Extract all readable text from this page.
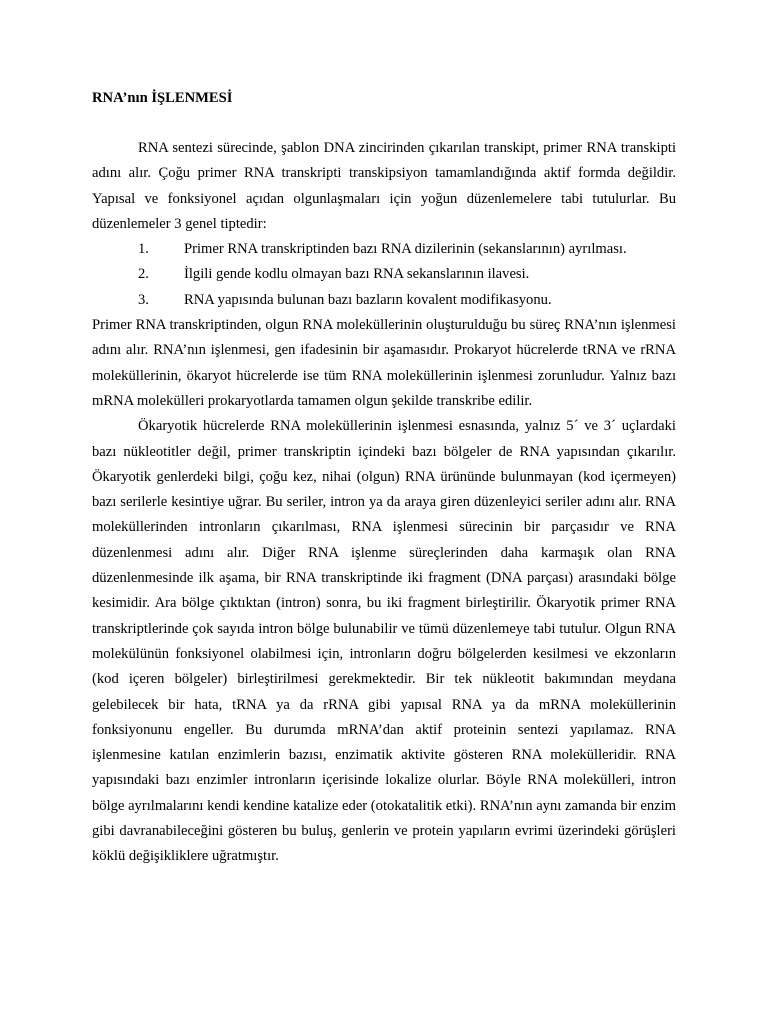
RNA’nın İŞLENMESİ

RNA sentezi sürecinde, şablon DNA zincirinden çıkarılan transkipt, primer RNA transkipti adını alır. Çoğu primer RNA transkripti transkipsiyon tamamlandığında aktif formda değildir. Yapısal ve fonksiyonel açıdan olgunlaşmaları için yoğun düzenlemelere tabi tutulurlar. Bu düzenlemeler 3 genel tiptedir:

1. Primer RNA transkriptinden bazı RNA dizilerinin (sekanslarının) ayrılması.
2. İlgili gende kodlu olmayan bazı RNA sekanslarının ilavesi.
3. RNA yapısında bulunan bazı bazların kovalent modifikasyonu.

Primer RNA transkriptinden, olgun RNA moleküllerinin oluşturulduğu bu süreç RNA’nın işlenmesi adını alır. RNA’nın işlenmesi, gen ifadesinin bir aşamasıdır. Prokaryot hücrelerde tRNA ve rRNA moleküllerinin, ökaryot hücrelerde ise tüm RNA moleküllerinin işlenmesi zorunludur. Yalnız bazı mRNA molekülleri prokaryotlarda tamamen olgun şekilde transkribe edilir.

Ökaryotik hücrelerde RNA moleküllerinin işlenmesi esnasında, yalnız 5´ ve 3´ uçlardaki bazı nükleotitler değil, primer transkriptin içindeki bazı bölgeler de RNA yapısından çıkarılır. Ökaryotik genlerdeki bilgi, çoğu kez, nihai (olgun) RNA ürününde bulunmayan (kod içermeyen) bazı serilerle kesintiye uğrar. Bu seriler, intron ya da araya giren düzenleyici seriler adını alır. RNA moleküllerinden intronların çıkarılması, RNA işlenmesi sürecinin bir parçasıdır ve RNA düzenlenmesi adını alır. Diğer RNA işlenme süreçlerinden daha karmaşık olan RNA düzenlenmesinde ilk aşama, bir RNA transkriptinde iki fragment (DNA parçası) arasındaki bölge kesimidir. Ara bölge çıktıktan (intron) sonra, bu iki fragment birleştirilir. Ökaryotik primer RNA transkriptlerinde çok sayıda intron bölge bulunabilir ve tümü düzenlemeye tabi tutulur. Olgun RNA molekülünün fonksiyonel olabilmesi için, intronların doğru bölgelerden kesilmesi ve ekzonların (kod içeren bölgeler) birleştirilmesi gerekmektedir. Bir tek nükleotit bakımından meydana gelebilecek bir hata, tRNA ya da rRNA gibi yapısal RNA ya da mRNA moleküllerinin fonksiyonunu engeller. Bu durumda mRNA’dan aktif proteinin sentezi yapılamaz. RNA işlenmesine katılan enzimlerin bazısı, enzimatik aktivite gösteren RNA molekülleridir. RNA yapısındaki bazı enzimler intronların içerisinde lokalize olurlar. Böyle RNA molekülleri, intron bölge ayrılmalarını kendi kendine katalize eder (otokatalitik etki). RNA’nın aynı zamanda bir enzim gibi davranabileceğini gösteren bu buluş, genlerin ve protein yapıların evrimi üzerindeki görüşleri köklü değişikliklere uğratmıştır.
